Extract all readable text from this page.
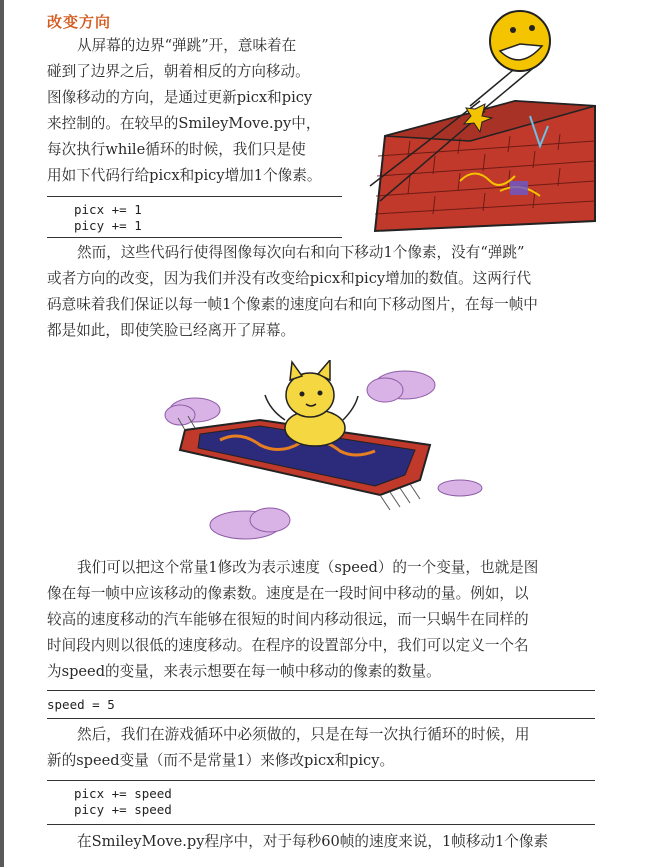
改变方向
从屏幕的边界“弹跳”开，意味着在
碰到了边界之后，朝着相反的方向移动。
图像移动的方向，是通过更新picx和picy
来控制的。在较早的SmileyMove.py中，
每次执行while循环的时候，我们只是使
用如下代码行给picx和picy增加1个像素。
picx += 1
picy += 1
然而，这些代码行使得图像每次向右和向下移动1个像素，没有“弹跳”
或者方向的改变，因为我们并没有改变给picx和picy增加的数值。这两行代
码意味着我们保证以每一帧1个像素的速度向右和向下移动图片，在每一帧中
都是如此，即使笑脸已经离开了屏幕。
我们可以把这个常量1修改为表示速度（speed）的一个变量，也就是图
像在每一帧中应该移动的像素数。速度是在一段时间中移动的量。例如，以
较高的速度移动的汽车能够在很短的时间内移动很远，而一只蜗牛在同样的
时间段内则以很低的速度移动。在程序的设置部分中，我们可以定义一个名
为speed的变量，来表示想要在每一帧中移动的像素的数量。
speed = 5
然后，我们在游戏循环中必须做的，只是在每一次执行循环的时候，用
新的speed变量（而不是常量1）来修改picx和picy。
picx += speed
picy += speed
在SmileyMove.py程序中，对于每秒60帧的速度来说，1帧移动1个像素
